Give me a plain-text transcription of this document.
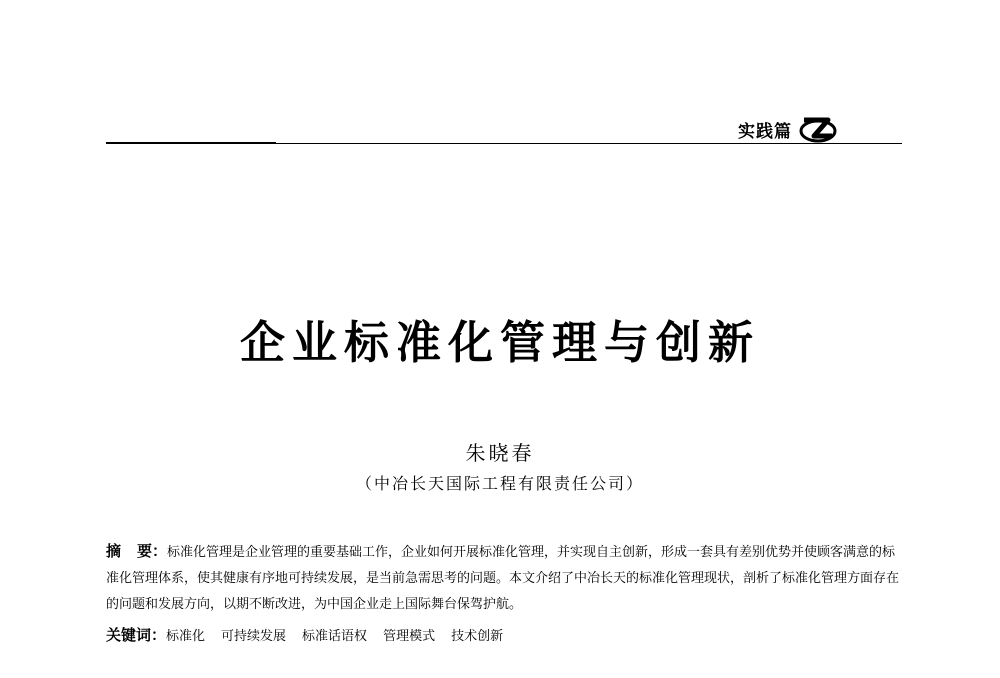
实践篇
企业标准化管理与创新
朱晓春
（中冶长天国际工程有限责任公司）
摘 要：标准化管理是企业管理的重要基础工作，企业如何开展标准化管理，并实现自主创新，形成一套具有差别优势并使顾客满意的标准化管理体系，使其健康有序地可持续发展，是当前急需思考的问题。本文介绍了中冶长天的标准化管理现状，剖析了标准化管理方面存在的问题和发展方向，以期不断改进，为中国企业走上国际舞台保驾护航。
关键词：标准化 可持续发展 标准话语权 管理模式 技术创新
